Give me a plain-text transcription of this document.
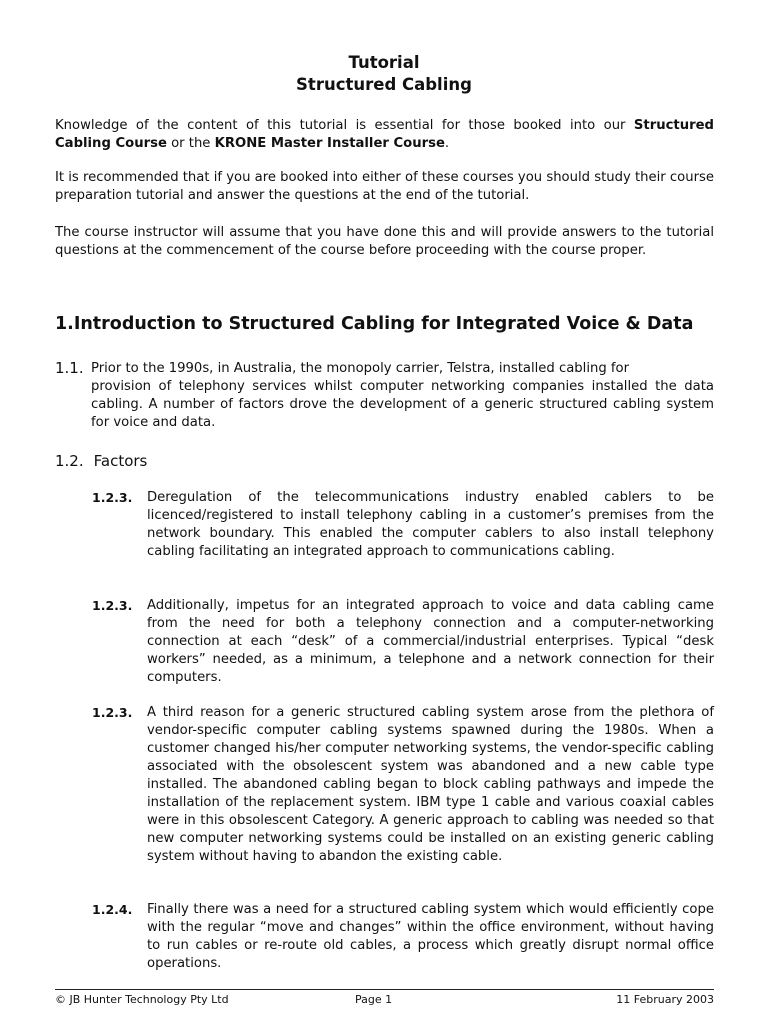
Tutorial
Structured Cabling
Knowledge of the content of this tutorial is essential for those booked into our Structured Cabling Course or the KRONE Master Installer Course.
It is recommended that if you are booked into either of these courses you should study their course preparation tutorial and answer the questions at the end of the tutorial.
The course instructor will assume that you have done this and will provide answers to the tutorial questions at the commencement of the course before proceeding with the course proper.
1.Introduction to Structured Cabling for Integrated Voice & Data
1.1. Prior to the 1990s, in Australia, the monopoly carrier, Telstra, installed cabling for
provision of telephony services whilst computer networking companies installed the data cabling. A number of factors drove the development of a generic structured cabling system for voice and data.
1.2. Factors
1.2.3. Deregulation of the telecommunications industry enabled cablers to be licenced/registered to install telephony cabling in a customer’s premises from the network boundary. This enabled the computer cablers to also install telephony cabling facilitating an integrated approach to communications cabling.
1.2.3. Additionally, impetus for an integrated approach to voice and data cabling came from the need for both a telephony connection and a computer-networking connection at each “desk” of a commercial/industrial enterprises. Typical “desk workers” needed, as a minimum, a telephone and a network connection for their computers.
1.2.3. A third reason for a generic structured cabling system arose from the plethora of vendor-specific computer cabling systems spawned during the 1980s. When a customer changed his/her computer networking systems, the vendor-specific cabling associated with the obsolescent system was abandoned and a new cable type installed. The abandoned cabling began to block cabling pathways and impede the installation of the replacement system. IBM type 1 cable and various coaxial cables were in this obsolescent Category. A generic approach to cabling was needed so that new computer networking systems could be installed on an existing generic cabling system without having to abandon the existing cable.
1.2.4. Finally there was a need for a structured cabling system which would efficiently cope with the regular “move and changes” within the office environment, without having to run cables or re-route old cables, a process which greatly disrupt normal office operations.
© JB Hunter Technology Pty Ltd	Page 1	11 February 2003
